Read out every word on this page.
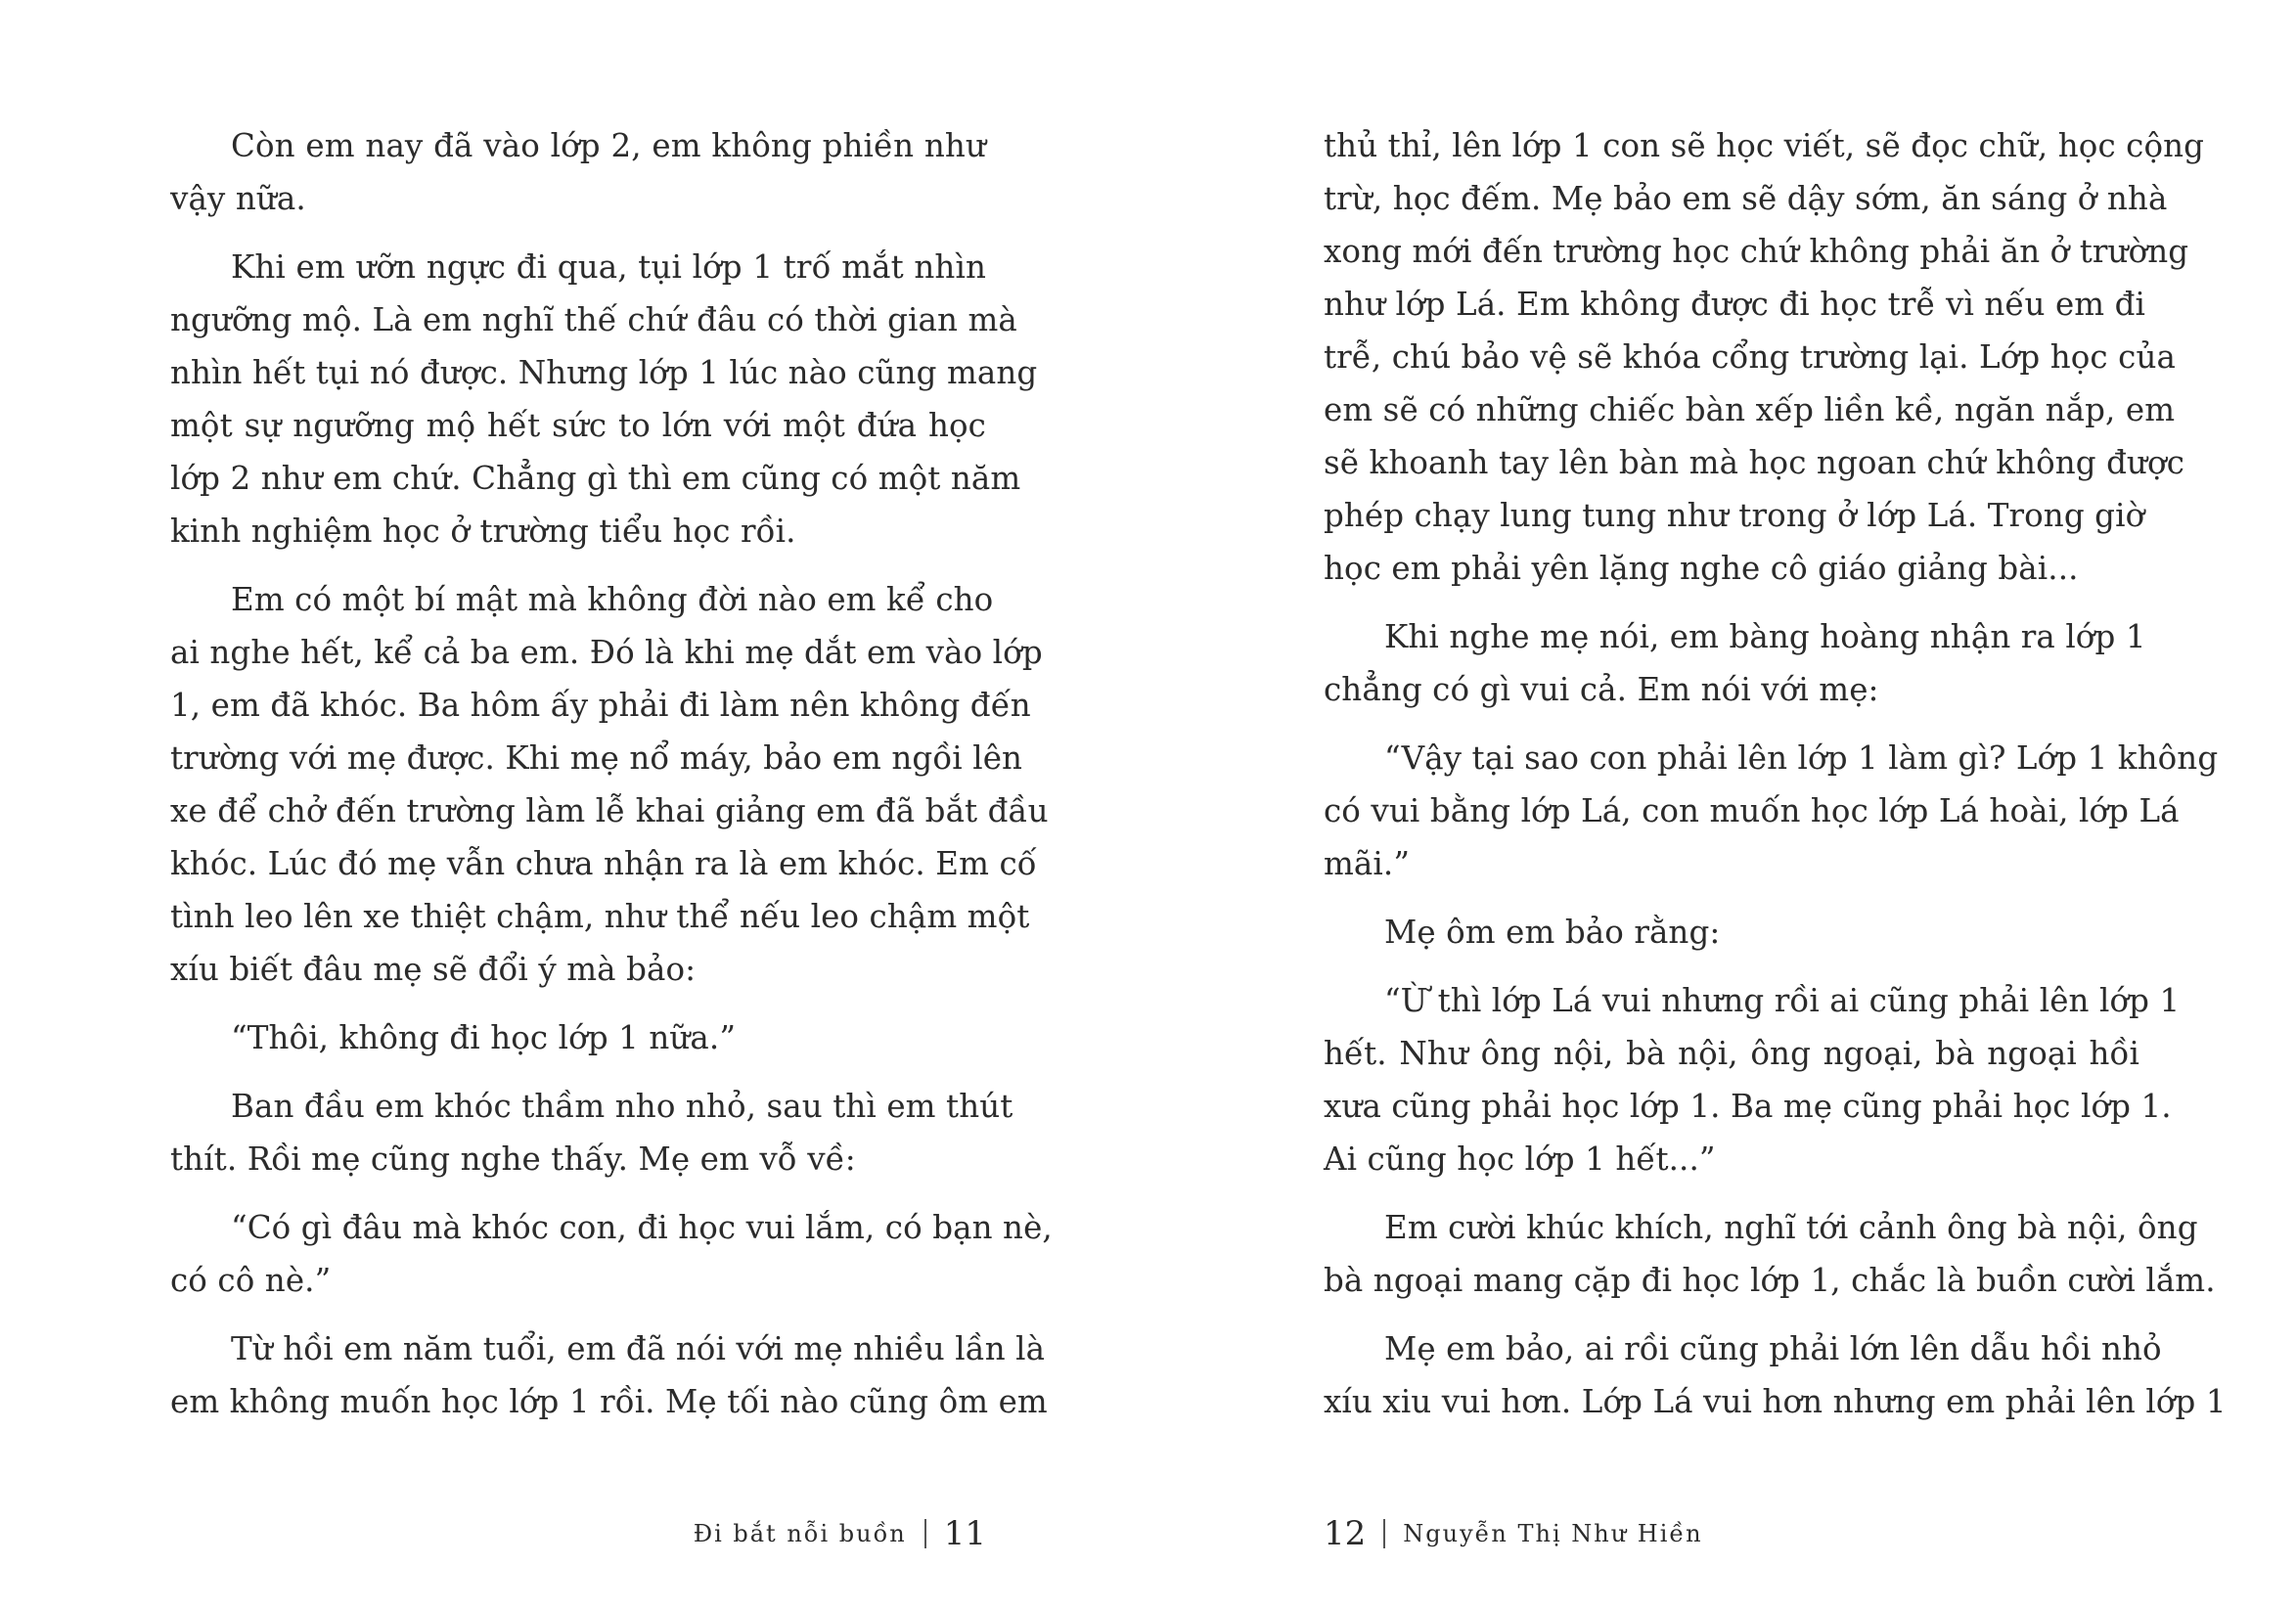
Còn em nay đã vào lớp 2, em không phiền như
vậy nữa.

Khi em ưỡn ngực đi qua, tụi lớp 1 trố mắt nhìn
ngưỡng mộ. Là em nghĩ thế chứ đâu có thời gian mà
nhìn hết tụi nó được. Nhưng lớp 1 lúc nào cũng mang
một sự ngưỡng mộ hết sức to lớn với một đứa học
lớp 2 như em chứ. Chẳng gì thì em cũng có một năm
kinh nghiệm học ở trường tiểu học rồi.

Em có một bí mật mà không đời nào em kể cho
ai nghe hết, kể cả ba em. Đó là khi mẹ dắt em vào lớp
1, em đã khóc. Ba hôm ấy phải đi làm nên không đến
trường với mẹ được. Khi mẹ nổ máy, bảo em ngồi lên
xe để chở đến trường làm lễ khai giảng em đã bắt đầu
khóc. Lúc đó mẹ vẫn chưa nhận ra là em khóc. Em cố
tình leo lên xe thiệt chậm, như thể nếu leo chậm một
xíu biết đâu mẹ sẽ đổi ý mà bảo:

“Thôi, không đi học lớp 1 nữa.”

Ban đầu em khóc thầm nho nhỏ, sau thì em thút
thít. Rồi mẹ cũng nghe thấy. Mẹ em vỗ về:

“Có gì đâu mà khóc con, đi học vui lắm, có bạn nè,
có cô nè.”

Từ hồi em năm tuổi, em đã nói với mẹ nhiều lần là
em không muốn học lớp 1 rồi. Mẹ tối nào cũng ôm em

thủ thỉ, lên lớp 1 con sẽ học viết, sẽ đọc chữ, học cộng
trừ, học đếm. Mẹ bảo em sẽ dậy sớm, ăn sáng ở nhà
xong mới đến trường học chứ không phải ăn ở trường
như lớp Lá. Em không được đi học trễ vì nếu em đi
trễ, chú bảo vệ sẽ khóa cổng trường lại. Lớp học của
em sẽ có những chiếc bàn xếp liền kề, ngăn nắp, em
sẽ khoanh tay lên bàn mà học ngoan chứ không được
phép chạy lung tung như trong ở lớp Lá. Trong giờ
học em phải yên lặng nghe cô giáo giảng bài...

Khi nghe mẹ nói, em bàng hoàng nhận ra lớp 1
chẳng có gì vui cả. Em nói với mẹ:

“Vậy tại sao con phải lên lớp 1 làm gì? Lớp 1 không
có vui bằng lớp Lá, con muốn học lớp Lá hoài, lớp Lá
mãi.”

Mẹ ôm em bảo rằng:

“Ừ thì lớp Lá vui nhưng rồi ai cũng phải lên lớp 1
hết. Như ông nội, bà nội, ông ngoại, bà ngoại hồi
xưa cũng phải học lớp 1. Ba mẹ cũng phải học lớp 1.
Ai cũng học lớp 1 hết...”

Em cười khúc khích, nghĩ tới cảnh ông bà nội, ông
bà ngoại mang cặp đi học lớp 1, chắc là buồn cười lắm.

Mẹ em bảo, ai rồi cũng phải lớn lên dẫu hồi nhỏ
xíu xiu vui hơn. Lớp Lá vui hơn nhưng em phải lên lớp 1

Đi bắt nỗi buồn 11	12 Nguyễn Thị Như Hiền
